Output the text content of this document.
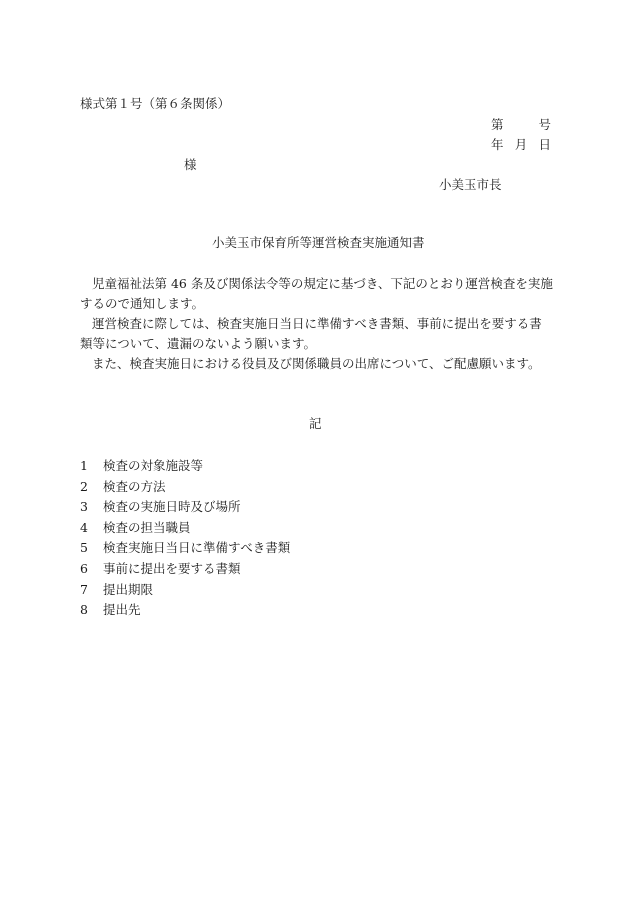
様式第１号（第６条関係）
第	号
年 月 日
様
小美玉市長
小美玉市保育所等運営検査実施通知書
児童福祉法第 46 条及び関係法令等の規定に基づき、下記のとおり運営検査を実施するので通知します。
運営検査に際しては、検査実施日当日に準備すべき書類、事前に提出を要する書類等について、遺漏のないよう願います。
また、検査実施日における役員及び関係職員の出席について、ご配慮願います。
記
1	検査の対象施設等
2	検査の方法
3	検査の実施日時及び場所
4	検査の担当職員
5	検査実施日当日に準備すべき書類
6	事前に提出を要する書類
7	提出期限
8	提出先
